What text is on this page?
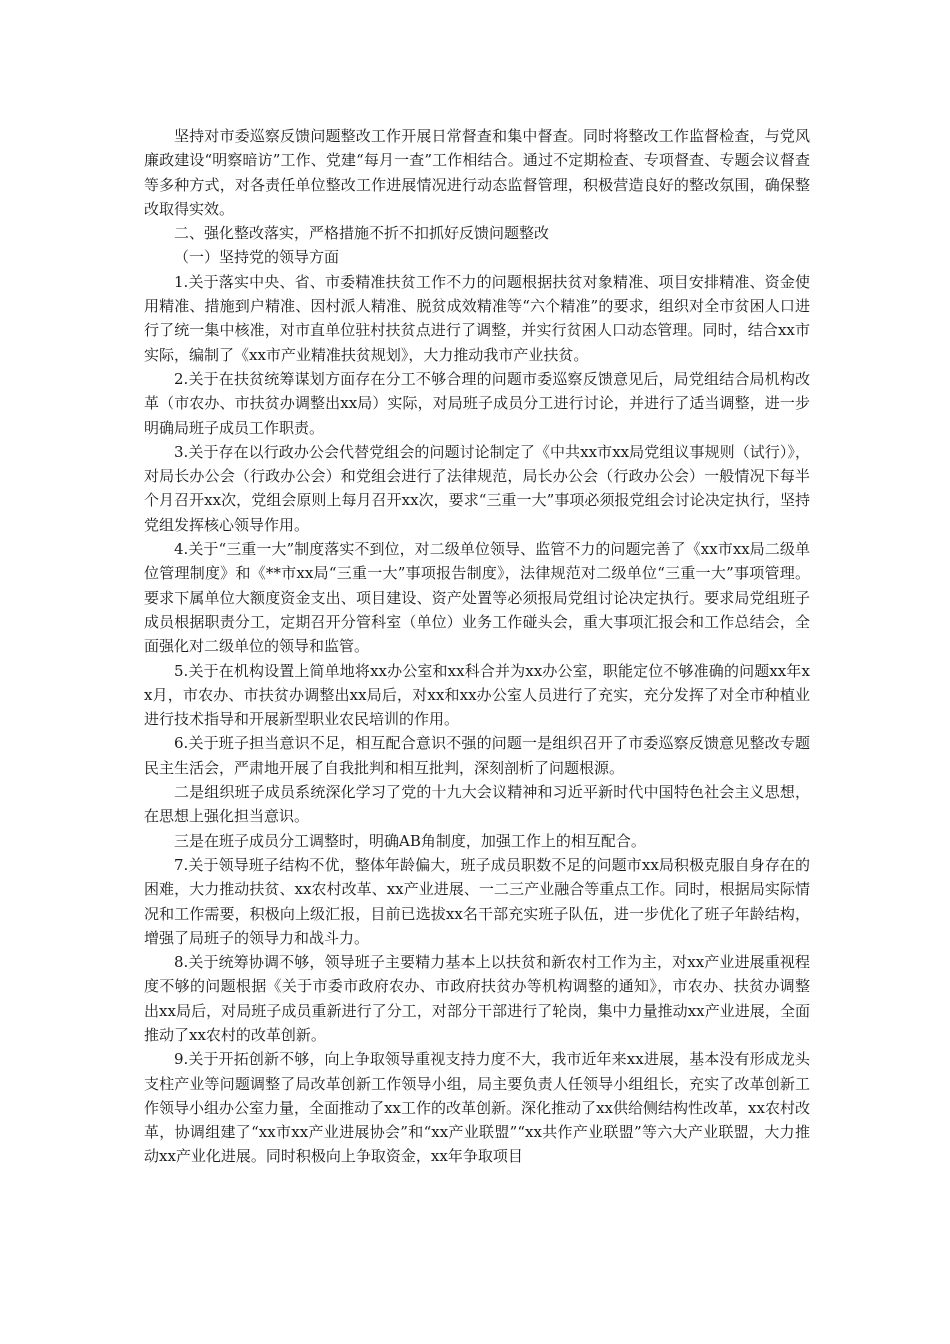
坚持对市委巡察反馈问题整改工作开展日常督查和集中督查。同时将整改工作监督检查，与党风廉政建设“明察暗访”工作、党建“每月一查”工作相结合。通过不定期检查、专项督查、专题会议督查等多种方式，对各责任单位整改工作进展情况进行动态监督管理，积极营造良好的整改氛围，确保整改取得实效。

二、强化整改落实，严格措施不折不扣抓好反馈问题整改

（一）坚持党的领导方面

1.关于落实中央、省、市委精准扶贫工作不力的问题根据扶贫对象精准、项目安排精准、资金使用精准、措施到户精准、因村派人精准、脱贫成效精准等“六个精准”的要求，组织对全市贫困人口进行了统一集中核准，对市直单位驻村扶贫点进行了调整，并实行贫困人口动态管理。同时，结合xx市实际，编制了《xx市产业精准扶贫规划》，大力推动我市产业扶贫。

2.关于在扶贫统筹谋划方面存在分工不够合理的问题市委巡察反馈意见后，局党组结合局机构改革（市农办、市扶贫办调整出xx局）实际，对局班子成员分工进行讨论，并进行了适当调整，进一步明确局班子成员工作职责。

3.关于存在以行政办公会代替党组会的问题讨论制定了《中共xx市xx局党组议事规则（试行）》，对局长办公会（行政办公会）和党组会进行了法律规范，局长办公会（行政办公会）一般情况下每半个月召开xx次，党组会原则上每月召开xx次，要求“三重一大”事项必须报党组会讨论决定执行，坚持党组发挥核心领导作用。

4.关于“三重一大”制度落实不到位，对二级单位领导、监管不力的问题完善了《xx市xx局二级单位管理制度》和《**市xx局“三重一大”事项报告制度》，法律规范对二级单位“三重一大”事项管理。要求下属单位大额度资金支出、项目建设、资产处置等必须报局党组讨论决定执行。要求局党组班子成员根据职责分工，定期召开分管科室（单位）业务工作碰头会，重大事项汇报会和工作总结会，全面强化对二级单位的领导和监管。

5.关于在机构设置上简单地将xx办公室和xx科合并为xx办公室，职能定位不够准确的问题xx年xx月，市农办、市扶贫办调整出xx局后，对xx和xx办公室人员进行了充实，充分发挥了对全市种植业进行技术指导和开展新型职业农民培训的作用。

6.关于班子担当意识不足，相互配合意识不强的问题一是组织召开了市委巡察反馈意见整改专题民主生活会，严肃地开展了自我批判和相互批判，深刻剖析了问题根源。

二是组织班子成员系统深化学习了党的十九大会议精神和习近平新时代中国特色社会主义思想，在思想上强化担当意识。

三是在班子成员分工调整时，明确AB角制度，加强工作上的相互配合。

7.关于领导班子结构不优，整体年龄偏大，班子成员职数不足的问题市xx局积极克服自身存在的困难，大力推动扶贫、xx农村改革、xx产业进展、一二三产业融合等重点工作。同时，根据局实际情况和工作需要，积极向上级汇报，目前已选拔xx名干部充实班子队伍，进一步优化了班子年龄结构，增强了局班子的领导力和战斗力。

8.关于统筹协调不够，领导班子主要精力基本上以扶贫和新农村工作为主，对xx产业进展重视程度不够的问题根据《关于市委市政府农办、市政府扶贫办等机构调整的通知》，市农办、扶贫办调整出xx局后，对局班子成员重新进行了分工，对部分干部进行了轮岗，集中力量推动xx产业进展，全面推动了xx农村的改革创新。

9.关于开拓创新不够，向上争取领导重视支持力度不大，我市近年来xx进展，基本没有形成龙头支柱产业等问题调整了局改革创新工作领导小组，局主要负责人任领导小组组长，充实了改革创新工作领导小组办公室力量，全面推动了xx工作的改革创新。深化推动了xx供给侧结构性改革，xx农村改革，协调组建了“xx市xx产业进展协会”和“xx产业联盟”“xx共作产业联盟”等六大产业联盟，大力推动xx产业化进展。同时积极向上争取资金，xx年争取项目
